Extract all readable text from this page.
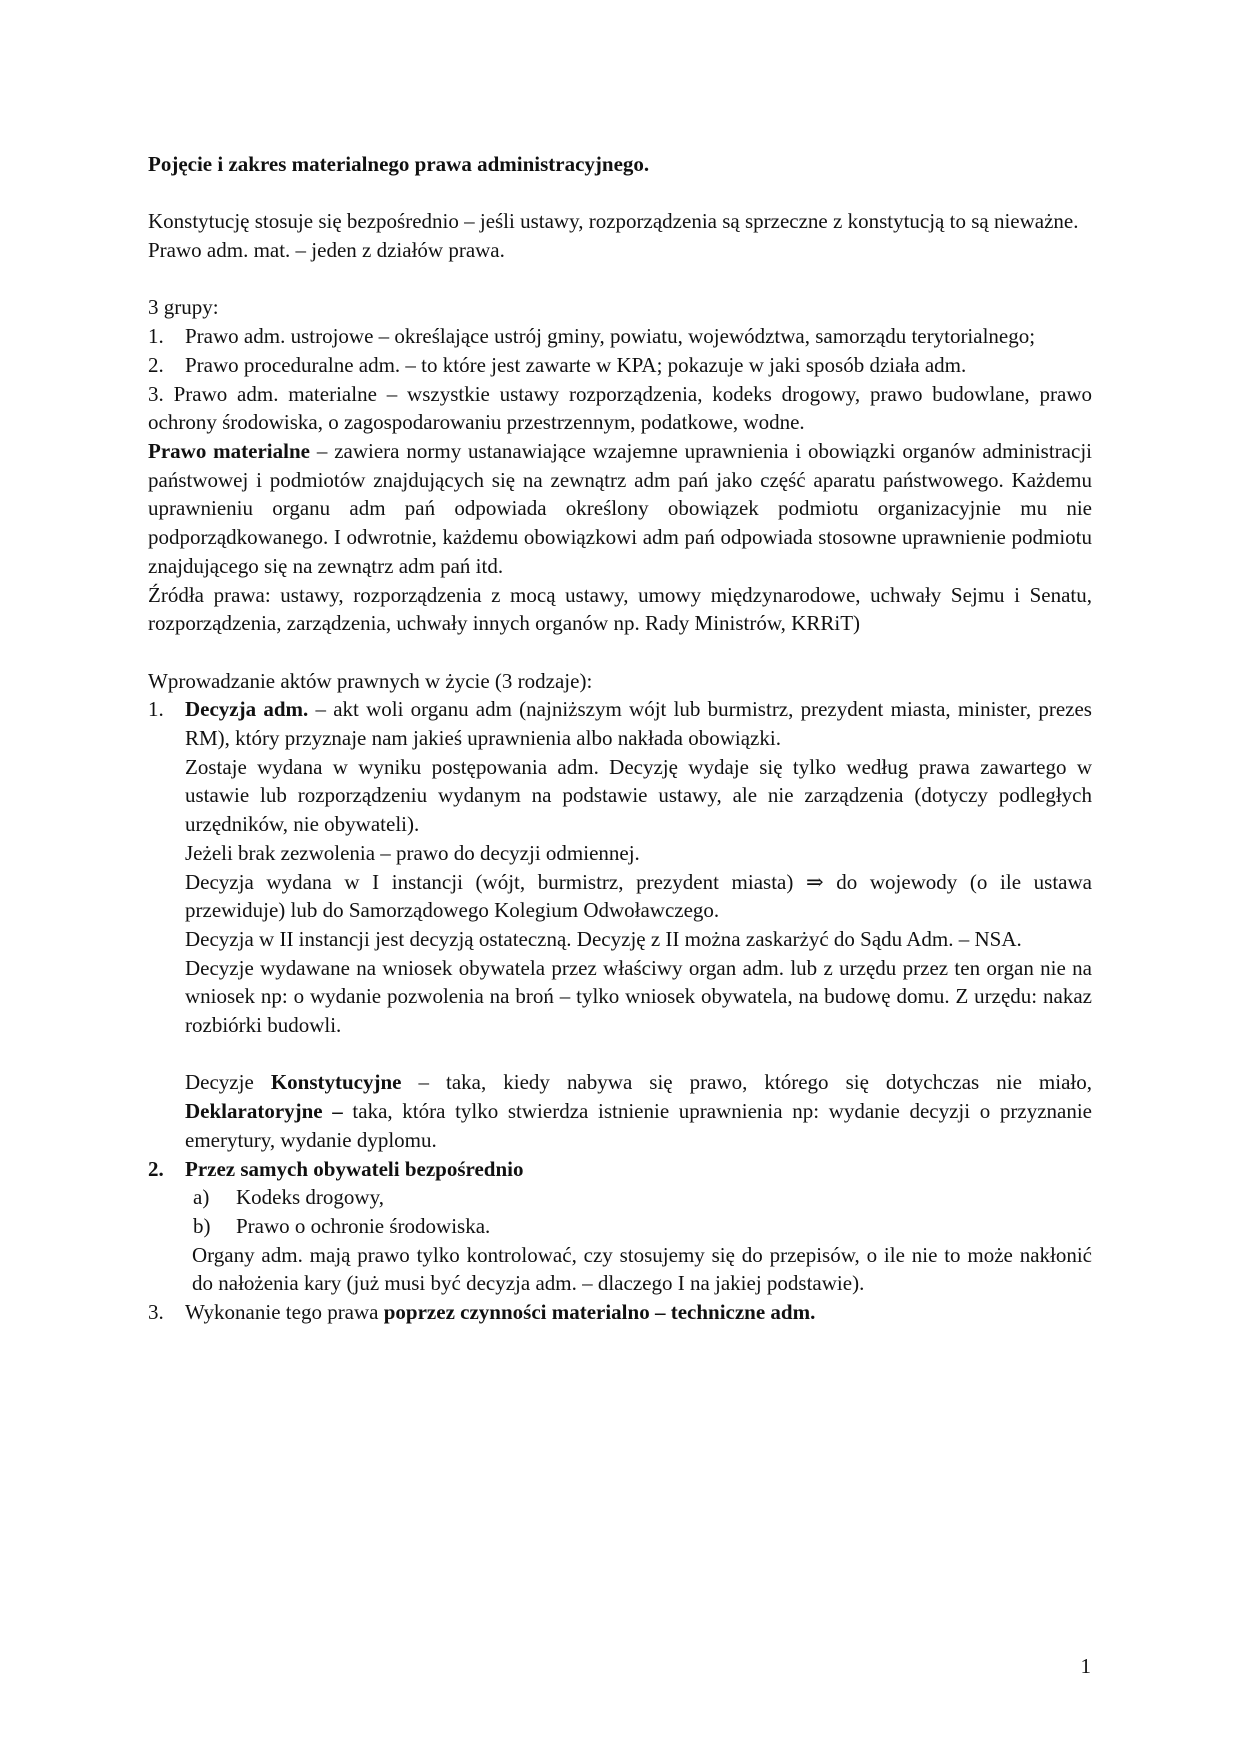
Pojęcie i zakres materialnego prawa administracyjnego.

Konstytucję stosuje się bezpośrednio – jeśli ustawy, rozporządzenia są sprzeczne z konstytucją to są nieważne.

Prawo adm. mat. – jeden z działów prawa.

3 grupy:

1.	Prawo adm. ustrojowe – określające ustrój gminy, powiatu, województwa, samorządu terytorialnego;
2.	Prawo proceduralne adm. – to które jest zawarte w KPA; pokazuje w jaki sposób działa adm.

3. Prawo adm. materialne – wszystkie ustawy rozporządzenia, kodeks drogowy, prawo budowlane, prawo ochrony środowiska, o zagospodarowaniu przestrzennym, podatkowe, wodne.

Prawo materialne – zawiera normy ustanawiające wzajemne uprawnienia i obowiązki organów administracji państwowej i podmiotów znajdujących się na zewnątrz adm pań jako część aparatu państwowego. Każdemu uprawnieniu organu adm pań odpowiada określony obowiązek podmiotu organizacyjnie mu nie podporządkowanego. I odwrotnie, każdemu obowiązkowi adm pań odpowiada stosowne uprawnienie podmiotu znajdującego się na zewnątrz adm pań itd.

Źródła prawa: ustawy, rozporządzenia z mocą ustawy, umowy międzynarodowe, uchwały Sejmu i Senatu, rozporządzenia, zarządzenia, uchwały innych organów np. Rady Ministrów, KRRiT)

Wprowadzanie aktów prawnych w życie (3 rodzaje):

1.	Decyzja adm. – akt woli organu adm (najniższym wójt lub burmistrz, prezydent miasta, minister, prezes RM), który przyznaje nam jakieś uprawnienia albo nakłada obowiązki.

Zostaje wydana w wyniku postępowania adm. Decyzję wydaje się tylko według prawa zawartego w ustawie lub rozporządzeniu wydanym na podstawie ustawy, ale nie zarządzenia (dotyczy podległych urzędników, nie obywateli).

Jeżeli brak zezwolenia – prawo do decyzji odmiennej.

Decyzja wydana w I instancji (wójt, burmistrz, prezydent miasta) ⇒ do wojewody (o ile ustawa przewiduje) lub do Samorządowego Kolegium Odwoławczego.

Decyzja w II instancji jest decyzją ostateczną. Decyzję z II można zaskarżyć do Sądu Adm. – NSA.

Decyzje wydawane na wniosek obywatela przez właściwy organ adm. lub z urzędu przez ten organ nie na wniosek np: o wydanie pozwolenia na broń – tylko wniosek obywatela, na budowę domu. Z urzędu: nakaz rozbiórki budowli.

Decyzje Konstytucyjne – taka, kiedy nabywa się prawo, którego się dotychczas nie miało, Deklaratoryjne – taka, która tylko stwierdza istnienie uprawnienia np: wydanie decyzji o przyznanie emerytury, wydanie dyplomu.

2.	Przez samych obywateli bezpośrednio
a)	Kodeks drogowy,
b)	Prawo o ochronie środowiska.

Organy adm. mają prawo tylko kontrolować, czy stosujemy się do przepisów, o ile nie to może nakłonić do nałożenia kary (już musi być decyzja adm. – dlaczego I na jakiej podstawie).

3.	Wykonanie tego prawa poprzez czynności materialno – techniczne adm.
1
